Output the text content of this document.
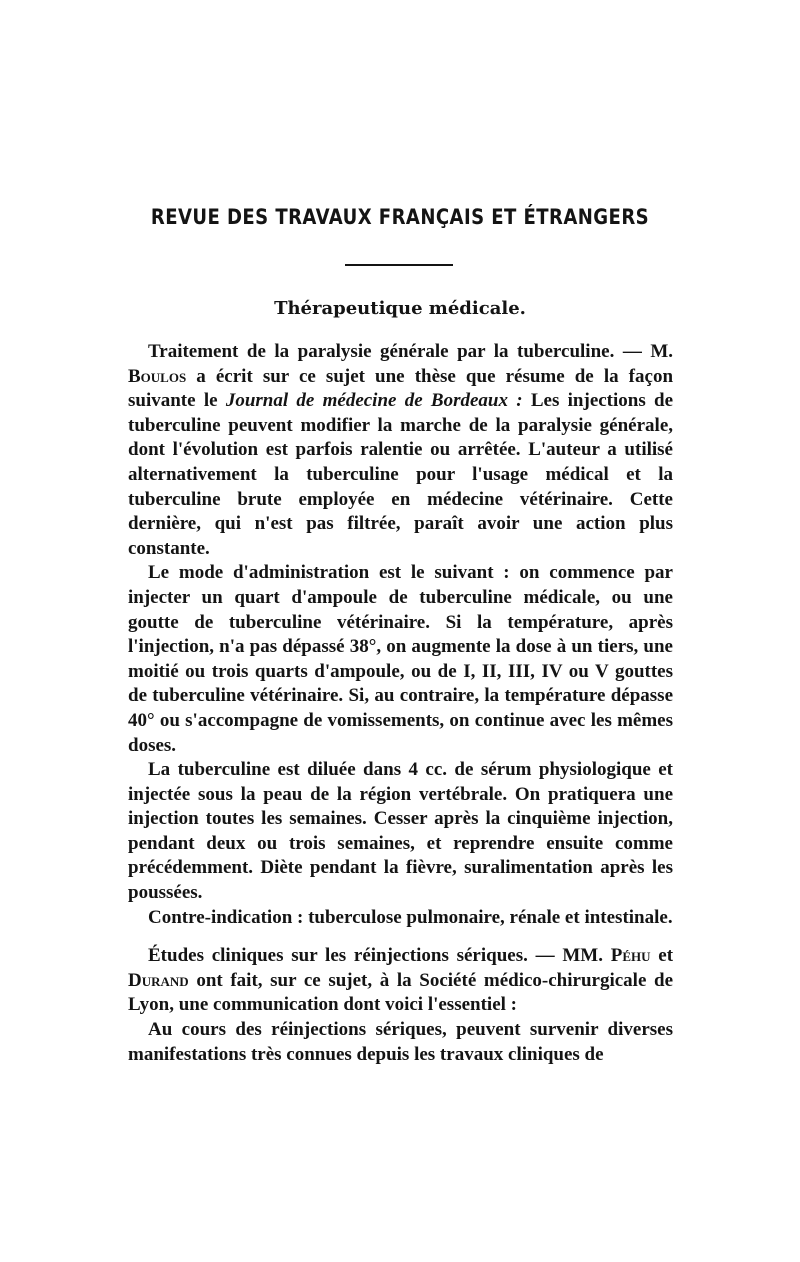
REVUE DES TRAVAUX FRANÇAIS ET ÉTRANGERS
Thérapeutique médicale.

Traitement de la paralysie générale par la tuberculine. — M. Boulos a écrit sur ce sujet une thèse que résume de la façon suivante le Journal de médecine de Bordeaux : Les injections de tuberculine peuvent modifier la marche de la paralysie générale, dont l'évolution est parfois ralentie ou arrêtée. L'auteur a utilisé alternativement la tuberculine pour l'usage médical et la tuberculine brute employée en médecine vétérinaire. Cette dernière, qui n'est pas filtrée, paraît avoir une action plus constante.

Le mode d'administration est le suivant : on commence par injecter un quart d'ampoule de tuberculine médicale, ou une goutte de tuberculine vétérinaire. Si la température, après l'injection, n'a pas dépassé 38°, on augmente la dose à un tiers, une moitié ou trois quarts d'ampoule, ou de I, II, III, IV ou V gouttes de tuberculine vétérinaire. Si, au contraire, la température dépasse 40° ou s'accompagne de vomissements, on continue avec les mêmes doses.

La tuberculine est diluée dans 4 cc. de sérum physiologique et injectée sous la peau de la région vertébrale. On pratiquera une injection toutes les semaines. Cesser après la cinquième injection, pendant deux ou trois semaines, et reprendre ensuite comme précédemment. Diète pendant la fièvre, suralimentation après les poussées.

Contre-indication : tuberculose pulmonaire, rénale et intestinale.

Études cliniques sur les réinjections sériques. — MM. Péhu et Durand ont fait, sur ce sujet, à la Société médico-chirurgicale de Lyon, une communication dont voici l'essentiel :

Au cours des réinjections sériques, peuvent survenir diverses manifestations très connues depuis les travaux cliniques de
